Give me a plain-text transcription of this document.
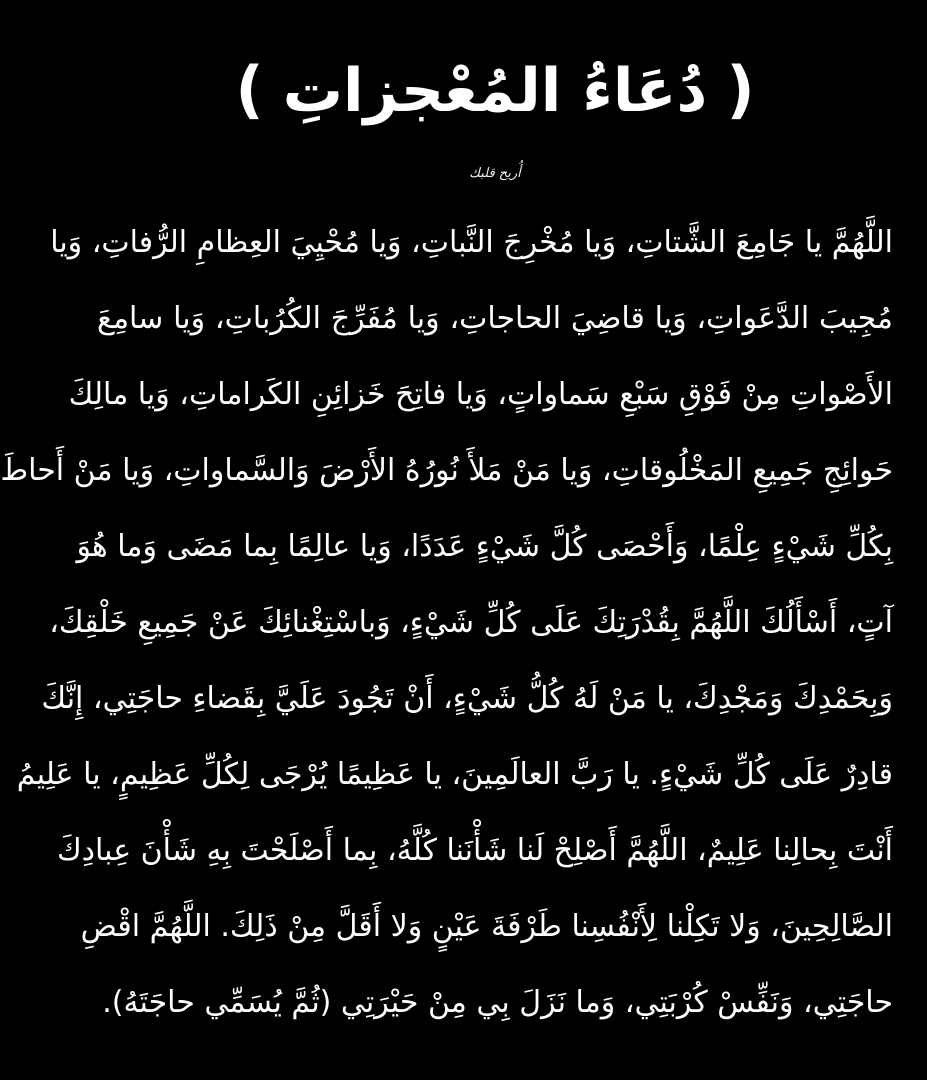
( دُعَاءُ المُعْجزاتِ )
أُريح قلبك
اللَّهُمَّ يا جَامِعَ الشَّتاتِ، وَيا مُخْرِجَ النَّباتِ، وَيا مُحْيِيَ العِظامِ الرُّفاتِ، وَيا
مُجِيبَ الدَّعَواتِ، وَيا قاضِيَ الحاجاتِ، وَيا مُفَرِّجَ الكُرُباتِ، وَيا سامِعَ
الأَصْواتِ مِنْ فَوْقِ سَبْعِ سَماواتٍ، وَيا فاتِحَ خَزائِنِ الكَراماتِ، وَيا مالِكَ
حَوائِجِ جَمِيعِ المَخْلُوقاتِ، وَيا مَنْ مَلأَ نُورُهُ الأَرْضَ وَالسَّماواتِ، وَيا مَنْ أَحاطَ
بِكُلِّ شَيْءٍ عِلْمًا، وَأَحْصَى كُلَّ شَيْءٍ عَدَدًا، وَيا عالِمًا بِما مَضَى وَما هُوَ
آتٍ، أَسْأَلُكَ اللَّهُمَّ بِقُدْرَتِكَ عَلَى كُلِّ شَيْءٍ، وَباسْتِغْنائِكَ عَنْ جَمِيعِ خَلْقِكَ،
وَبِحَمْدِكَ وَمَجْدِكَ، يا مَنْ لَهُ كُلُّ شَيْءٍ، أَنْ تَجُودَ عَلَيَّ بِقَضاءِ حاجَتِي، إِنَّكَ
قادِرٌ عَلَى كُلِّ شَيْءٍ. يا رَبَّ العالَمِينَ، يا عَظِيمًا يُرْجَى لِكُلِّ عَظِيمٍ، يا عَلِيمُ
أَنْتَ بِحالِنا عَلِيمٌ، اللَّهُمَّ أَصْلِحْ لَنا شَأْنَنا كُلَّهُ، بِما أَصْلَحْتَ بِهِ شَأْنَ عِبادِكَ
الصَّالِحِينَ، وَلا تَكِلْنا لِأَنْفُسِنا طَرْفَةَ عَيْنٍ وَلا أَقَلَّ مِنْ ذَلِكَ. اللَّهُمَّ اقْضِ
حاجَتِي، وَنَفِّسْ كُرْبَتِي، وَما نَزَلَ بِي مِنْ حَيْرَتِي (ثُمَّ يُسَمِّي حاجَتَهُ).
